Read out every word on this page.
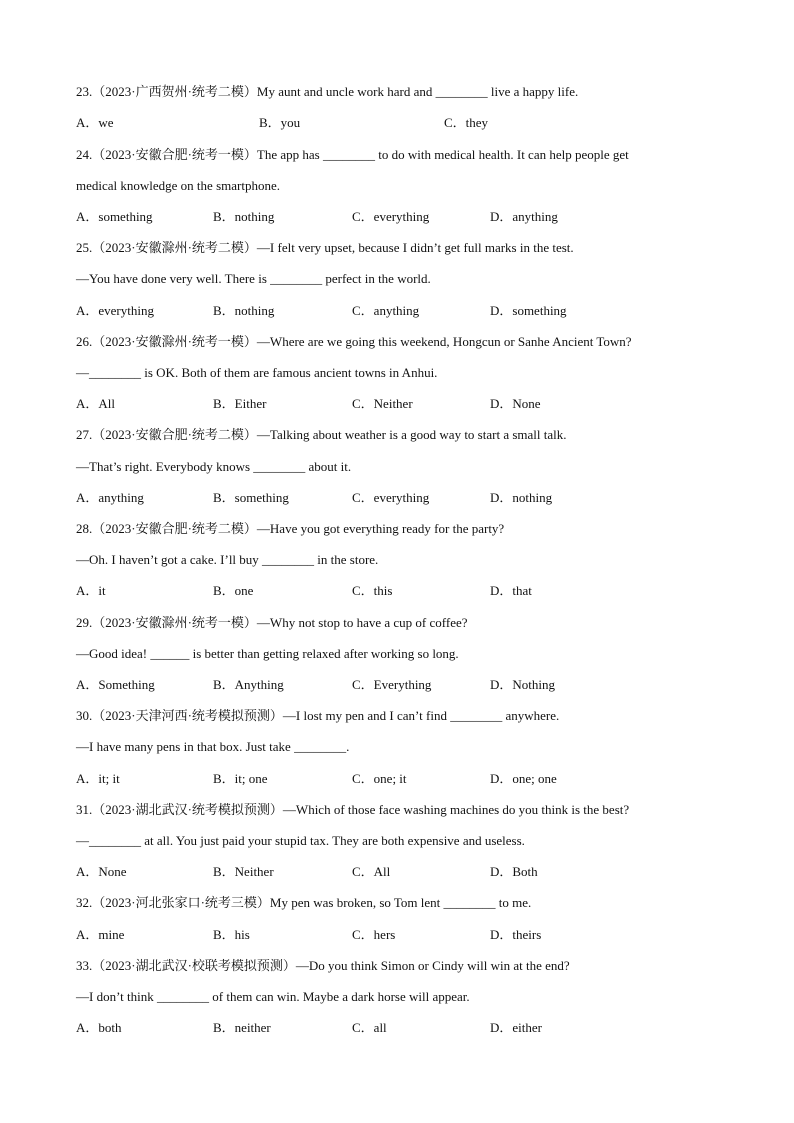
23.（2023·广西贺州·统考二模）My aunt and uncle work hard and ________ live a happy life.
A．we	B．you	C．they
24.（2023·安徽合肥·统考一模）The app has ________ to do with medical health. It can help people get
medical knowledge on the smartphone.
A．something	B．nothing	C．everything	D．anything
25.（2023·安徽滁州·统考二模）—I felt very upset, because I didn’t get full marks in the test.
—You have done very well. There is ________ perfect in the world.
A．everything	B．nothing	C．anything	D．something
26.（2023·安徽滁州·统考一模）—Where are we going this weekend, Hongcun or Sanhe Ancient Town?
—________ is OK. Both of them are famous ancient towns in Anhui.
A．All	B．Either	C．Neither	D．None
27.（2023·安徽合肥·统考二模）—Talking about weather is a good way to start a small talk.
—That’s right. Everybody knows ________ about it.
A．anything	B．something	C．everything	D．nothing
28.（2023·安徽合肥·统考二模）—Have you got everything ready for the party?
—Oh. I haven’t got a cake. I’ll buy ________ in the store.
A．it	B．one	C．this	D．that
29.（2023·安徽滁州·统考一模）—Why not stop to have a cup of coffee?
—Good idea! ______ is better than getting relaxed after working so long.
A．Something	B．Anything	C．Everything	D．Nothing
30.（2023·天津河西·统考模拟预测）—I lost my pen and I can’t find ________ anywhere.
—I have many pens in that box. Just take ________.
A．it; it	B．it; one	C．one; it	D．one; one
31.（2023·湖北武汉·统考模拟预测）—Which of those face washing machines do you think is the best?
—________ at all. You just paid your stupid tax. They are both expensive and useless.
A．None	B．Neither	C．All	D．Both
32.（2023·河北张家口·统考三模）My pen was broken, so Tom lent ________ to me.
A．mine	B．his	C．hers	D．theirs
33.（2023·湖北武汉·校联考模拟预测）—Do you think Simon or Cindy will win at the end?
—I don’t think ________ of them can win. Maybe a dark horse will appear.
A．both	B．neither	C．all	D．either
